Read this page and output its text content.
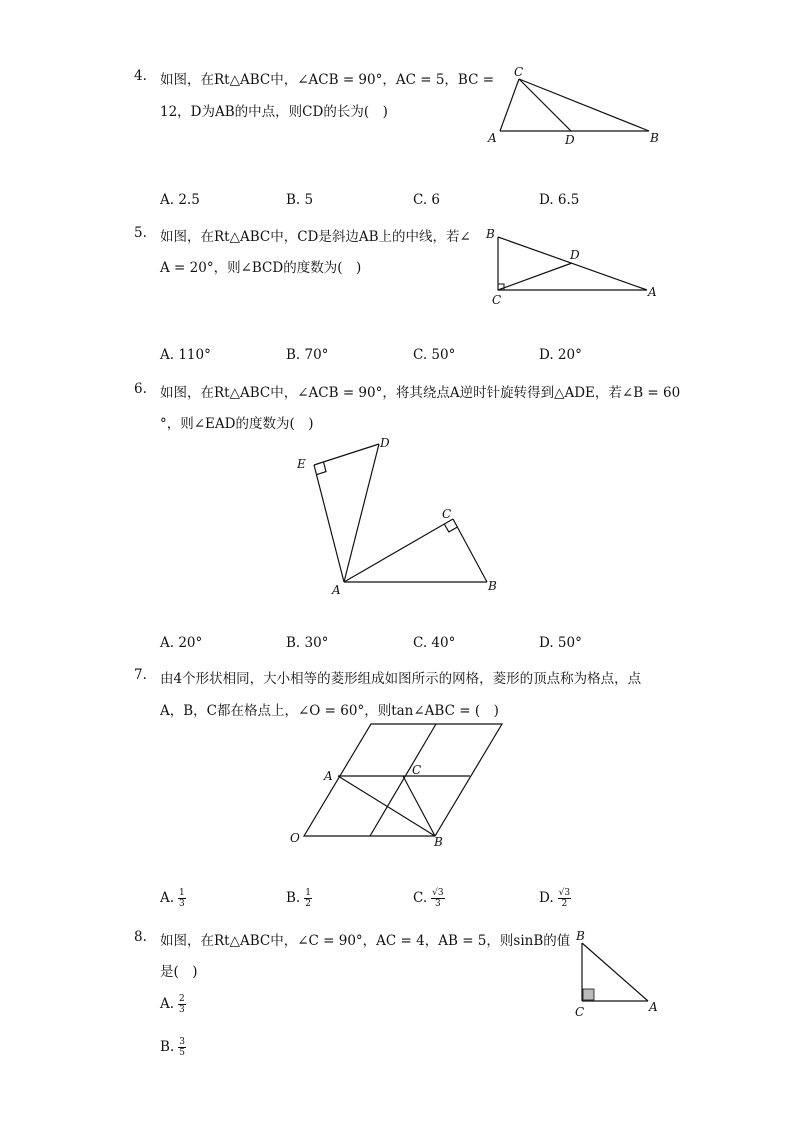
4. 如图，在Rt△ABC中，∠ACB = 90°，AC = 5，BC =
12，D为AB的中点，则CD的长为(　)
C
A	D	B
A. 2.5	B. 5	C. 6	D. 6.5
5. 如图，在Rt△ABC中，CD是斜边AB上的中线，若∠
A = 20°，则∠BCD的度数为(　)
B
D
C
A
A. 110°	B. 70°	C. 50°	D. 20°
6. 如图，在Rt△ABC中，∠ACB = 90°，将其绕点A逆时针旋转得到△ADE，若∠B = 60
°，则∠EAD的度数为(　)
E
D
C
A	B
A. 20°	B. 30°	C. 40°	D. 50°
7. 由4个形状相同，大小相等的菱形组成如图所示的网格，菱形的顶点称为格点，点
A，B，C都在格点上，∠O = 60°，则tan∠ABC = (　)
A	C
O	B
A. $\frac{1}{3}$	B. $\frac{1}{2}$	C. $\frac{√3}{3}$	D. $\frac{√3}{2}$
8. 如图，在Rt△ABC中，∠C = 90°，AC = 4，AB = 5，则sinB的值
是(　)
B
C	A
A. $\frac{2}{3}$
B. $\frac{3}{5}$
